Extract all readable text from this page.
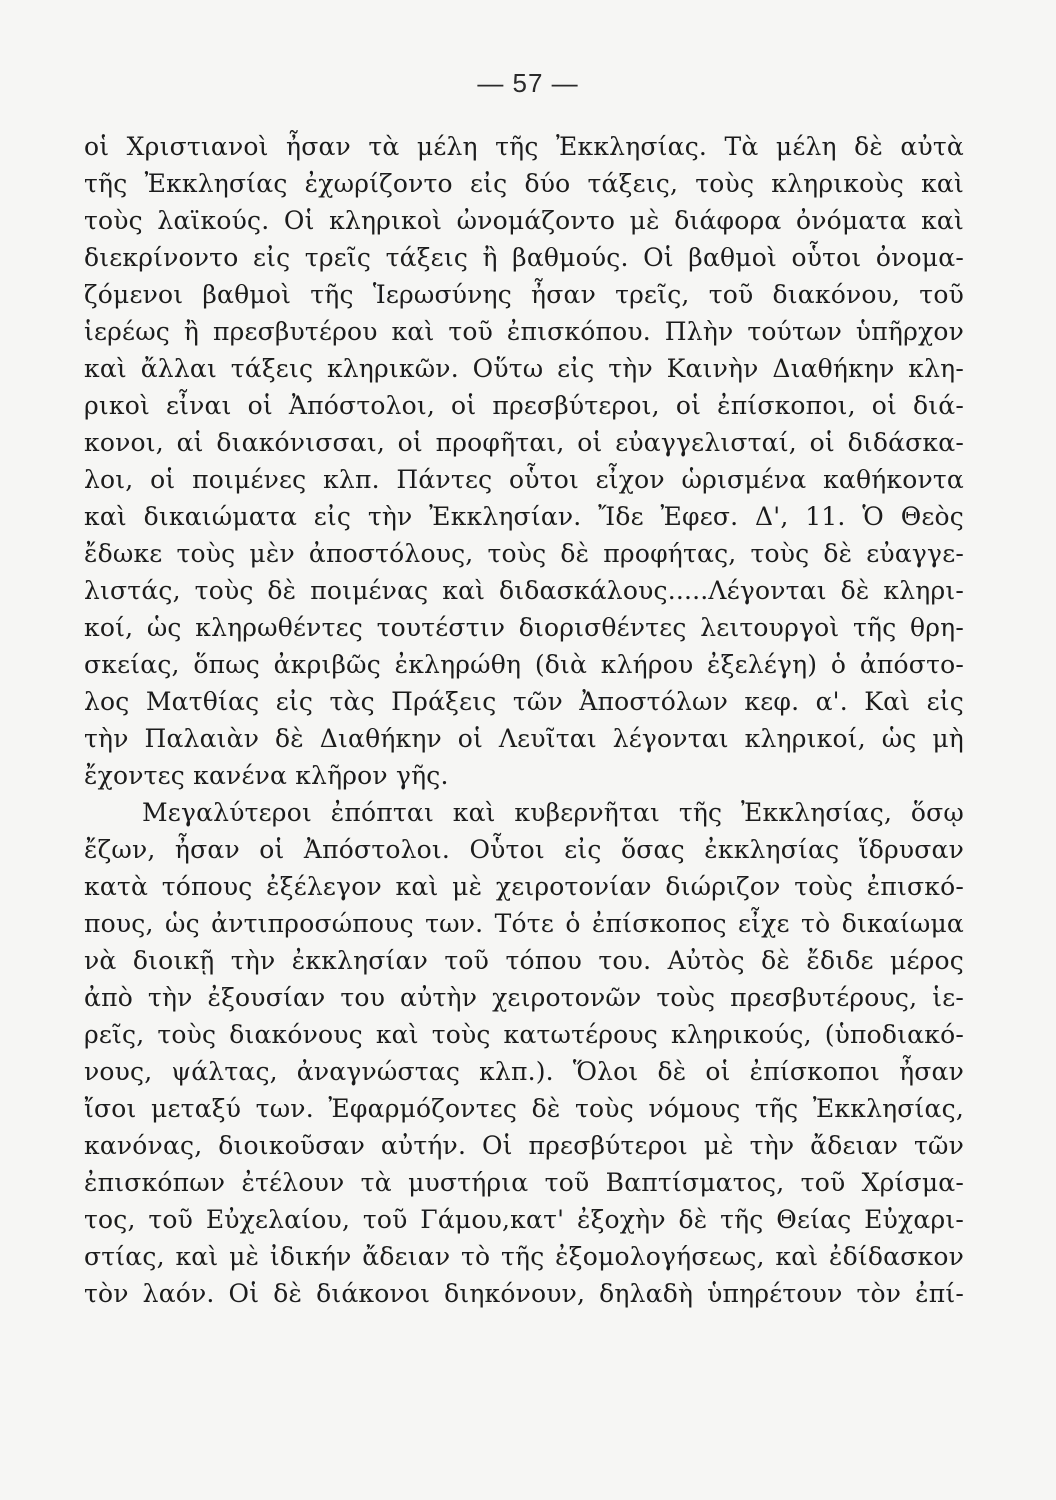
— 57 —
οἱ Χριστιανοὶ ἦσαν τὰ μέλη τῆς Ἐκκλησίας. Τὰ μέλη δὲ αὐτὰ
τῆς Ἐκκλησίας ἐχωρίζοντο εἰς δύο τάξεις, τοὺς κληρικοὺς καὶ
τοὺς λαϊκούς. Οἱ κληρικοὶ ὠνομάζοντο μὲ διάφορα ὀνόματα καὶ
διεκρίνοντο εἰς τρεῖς τάξεις ἢ βαθμούς. Οἱ βαθμοὶ οὗτοι ὀνομα-
ζόμενοι βαθμοὶ τῆς Ἱερωσύνης ἦσαν τρεῖς, τοῦ διακόνου, τοῦ
ἱερέως ἢ πρεσβυτέρου καὶ τοῦ ἐπισκόπου. Πλὴν τούτων ὑπῆρχον
καὶ ἄλλαι τάξεις κληρικῶν. Οὕτω εἰς τὴν Καινὴν Διαθήκην κλη-
ρικοὶ εἶναι οἱ Ἀπόστολοι, οἱ πρεσβύτεροι, οἱ ἐπίσκοποι, οἱ διά-
κονοι, αἱ διακόνισσαι, οἱ προφῆται, οἱ εὐαγγελισταί, οἱ διδάσκα-
λοι, οἱ ποιμένες κλπ. Πάντες οὗτοι εἶχον ὡρισμένα καθήκοντα
καὶ δικαιώματα εἰς τὴν Ἐκκλησίαν. Ἴδε Ἐφεσ. Δ', 11. Ὁ Θεὸς
ἔδωκε τοὺς μὲν ἀποστόλους, τοὺς δὲ προφήτας, τοὺς δὲ εὐαγγε-
λιστάς, τοὺς δὲ ποιμένας καὶ διδασκάλους.....Λέγονται δὲ κληρι-
κοί, ὡς κληρωθέντες τουτέστιν διορισθέντες λειτουργοὶ τῆς θρη-
σκείας, ὅπως ἀκριβῶς ἐκληρώθη (διὰ κλήρου ἐξελέγη) ὁ ἀπόστο-
λος Ματθίας εἰς τὰς Πράξεις τῶν Ἀποστόλων κεφ. α'. Καὶ εἰς
τὴν Παλαιὰν δὲ Διαθήκην οἱ Λευῖται λέγονται κληρικοί, ὡς μὴ
ἔχοντες κανένα κλῆρον γῆς.
Μεγαλύτεροι ἐπόπται καὶ κυβερνῆται τῆς Ἐκκλησίας, ὅσῳ
ἔζων, ἦσαν οἱ Ἀπόστολοι. Οὗτοι εἰς ὅσας ἐκκλησίας ἵδρυσαν
κατὰ τόπους ἐξέλεγον καὶ μὲ χειροτονίαν διώριζον τοὺς ἐπισκό-
πους, ὡς ἀντιπροσώπους των. Τότε ὁ ἐπίσκοπος εἶχε τὸ δικαίωμα
νὰ διοικῇ τὴν ἐκκλησίαν τοῦ τόπου του. Αὐτὸς δὲ ἔδιδε μέρος
ἀπὸ τὴν ἐξουσίαν του αὐτὴν χειροτονῶν τοὺς πρεσβυτέρους, ἱε-
ρεῖς, τοὺς διακόνους καὶ τοὺς κατωτέρους κληρικούς, (ὑποδιακό-
νους, ψάλτας, ἀναγνώστας κλπ.). Ὅλοι δὲ οἱ ἐπίσκοποι ἦσαν
ἴσοι μεταξύ των. Ἐφαρμόζοντες δὲ τοὺς νόμους τῆς Ἐκκλησίας,
κανόνας, διοικοῦσαν αὐτήν. Οἱ πρεσβύτεροι μὲ τὴν ἄδειαν τῶν
ἐπισκόπων ἐτέλουν τὰ μυστήρια τοῦ Βαπτίσματος, τοῦ Χρίσμα-
τος, τοῦ Εὐχελαίου, τοῦ Γάμου,κατ' ἐξοχὴν δὲ τῆς Θείας Εὐχαρι-
στίας, καὶ μὲ ἰδικήν ἄδειαν τὸ τῆς ἐξομολογήσεως, καὶ ἐδίδασκον
τὸν λαόν. Οἱ δὲ διάκονοι διηκόνουν, δηλαδὴ ὑπηρέτουν τὸν ἐπί-
